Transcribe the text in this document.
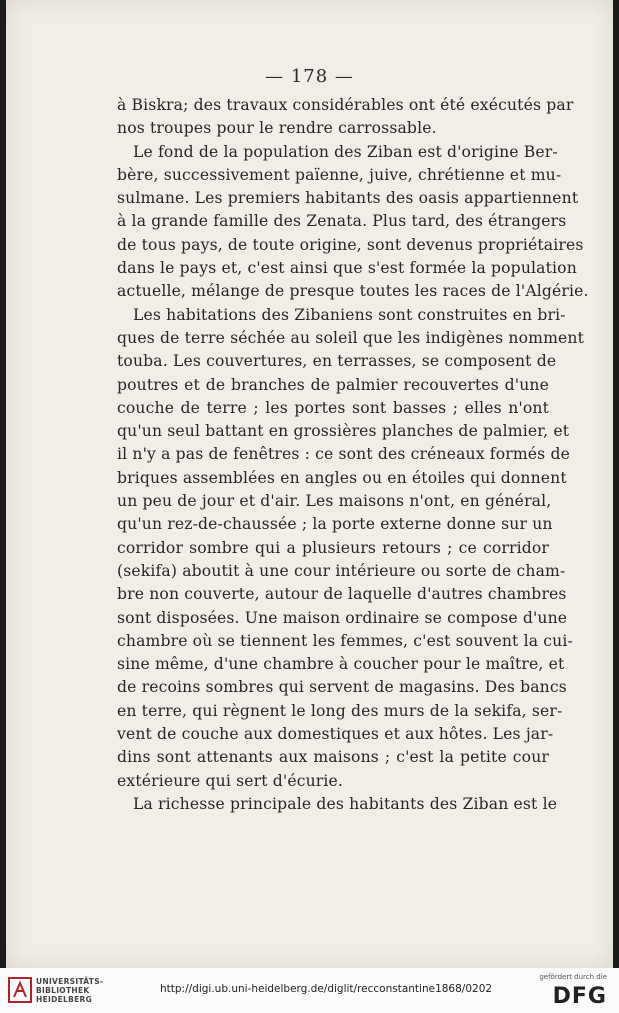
— 178 —
à Biskra; des travaux considérables ont été exécutés par
nos troupes pour le rendre carrossable.
Le fond de la population des Ziban est d'origine Ber-
bère, successivement païenne, juive, chrétienne et mu-
sulmane. Les premiers habitants des oasis appartiennent
à la grande famille des Zenata. Plus tard, des étrangers
de tous pays, de toute origine, sont devenus propriétaires
dans le pays et, c'est ainsi que s'est formée la population
actuelle, mélange de presque toutes les races de l'Algérie.
Les habitations des Zibaniens sont construites en bri-
ques de terre séchée au soleil que les indigènes nomment
touba. Les couvertures, en terrasses, se composent de
poutres et de branches de palmier recouvertes d'une
couche de terre ; les portes sont basses ; elles n'ont
qu'un seul battant en grossières planches de palmier, et
il n'y a pas de fenêtres : ce sont des créneaux formés de
briques assemblées en angles ou en étoiles qui donnent
un peu de jour et d'air. Les maisons n'ont, en général,
qu'un rez-de-chaussée ; la porte externe donne sur un
corridor sombre qui a plusieurs retours ; ce corridor
(sekifa) aboutit à une cour intérieure ou sorte de cham-
bre non couverte, autour de laquelle d'autres chambres
sont disposées. Une maison ordinaire se compose d'une
chambre où se tiennent les femmes, c'est souvent la cui-
sine même, d'une chambre à coucher pour le maître, et
de recoins sombres qui servent de magasins. Des bancs
en terre, qui règnent le long des murs de la sekifa, ser-
vent de couche aux domestiques et aux hôtes. Les jar-
dins sont attenants aux maisons ; c'est la petite cour
extérieure qui sert d'écurie.
La richesse principale des habitants des Ziban est le
UNIVERSITÄTS-
BIBLIOTHEK
HEIDELBERG
http://digi.ub.uni-heidelberg.de/diglit/recconstantine1868/0202
gefördert durch die
DFG
